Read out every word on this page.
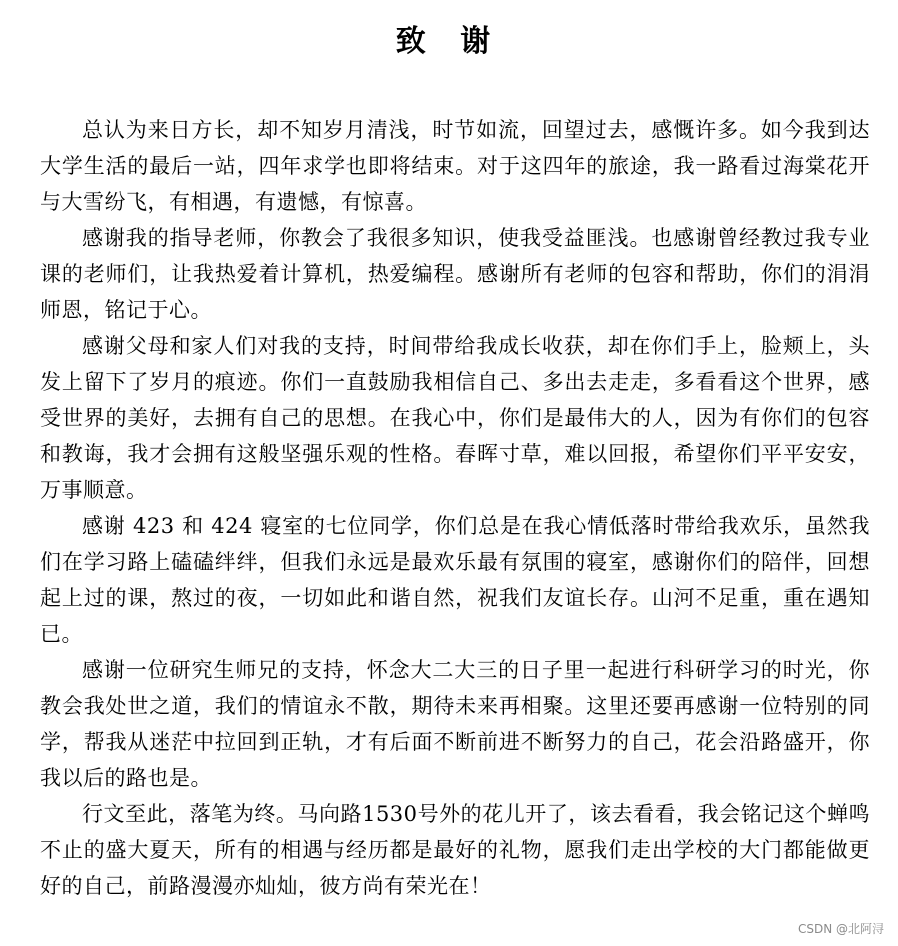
致 谢

总认为来日方长，却不知岁月清浅，时节如流，回望过去，感慨许多。如今我到达大学生活的最后一站，四年求学也即将结束。对于这四年的旅途，我一路看过海棠花开与大雪纷飞，有相遇，有遗憾，有惊喜。

感谢我的指导老师，你教会了我很多知识，使我受益匪浅。也感谢曾经教过我专业课的老师们，让我热爱着计算机，热爱编程。感谢所有老师的包容和帮助，你们的涓涓师恩，铭记于心。

感谢父母和家人们对我的支持，时间带给我成长收获，却在你们手上，脸颊上，头发上留下了岁月的痕迹。你们一直鼓励我相信自己、多出去走走，多看看这个世界，感受世界的美好，去拥有自己的思想。在我心中，你们是最伟大的人，因为有你们的包容和教诲，我才会拥有这般坚强乐观的性格。春晖寸草，难以回报，希望你们平平安安，万事顺意。

感谢 423 和 424 寝室的七位同学，你们总是在我心情低落时带给我欢乐，虽然我们在学习路上磕磕绊绊，但我们永远是最欢乐最有氛围的寝室，感谢你们的陪伴，回想起上过的课，熬过的夜，一切如此和谐自然，祝我们友谊长存。山河不足重，重在遇知已。

感谢一位研究生师兄的支持，怀念大二大三的日子里一起进行科研学习的时光，你教会我处世之道，我们的情谊永不散，期待未来再相聚。这里还要再感谢一位特别的同学，帮我从迷茫中拉回到正轨，才有后面不断前进不断努力的自己，花会沿路盛开，你我以后的路也是。

行文至此，落笔为终。马向路1530号外的花儿开了，该去看看，我会铭记这个蝉鸣不止的盛大夏天，所有的相遇与经历都是最好的礼物，愿我们走出学校的大门都能做更好的自己，前路漫漫亦灿灿，彼方尚有荣光在！

CSDN @北阿浔
